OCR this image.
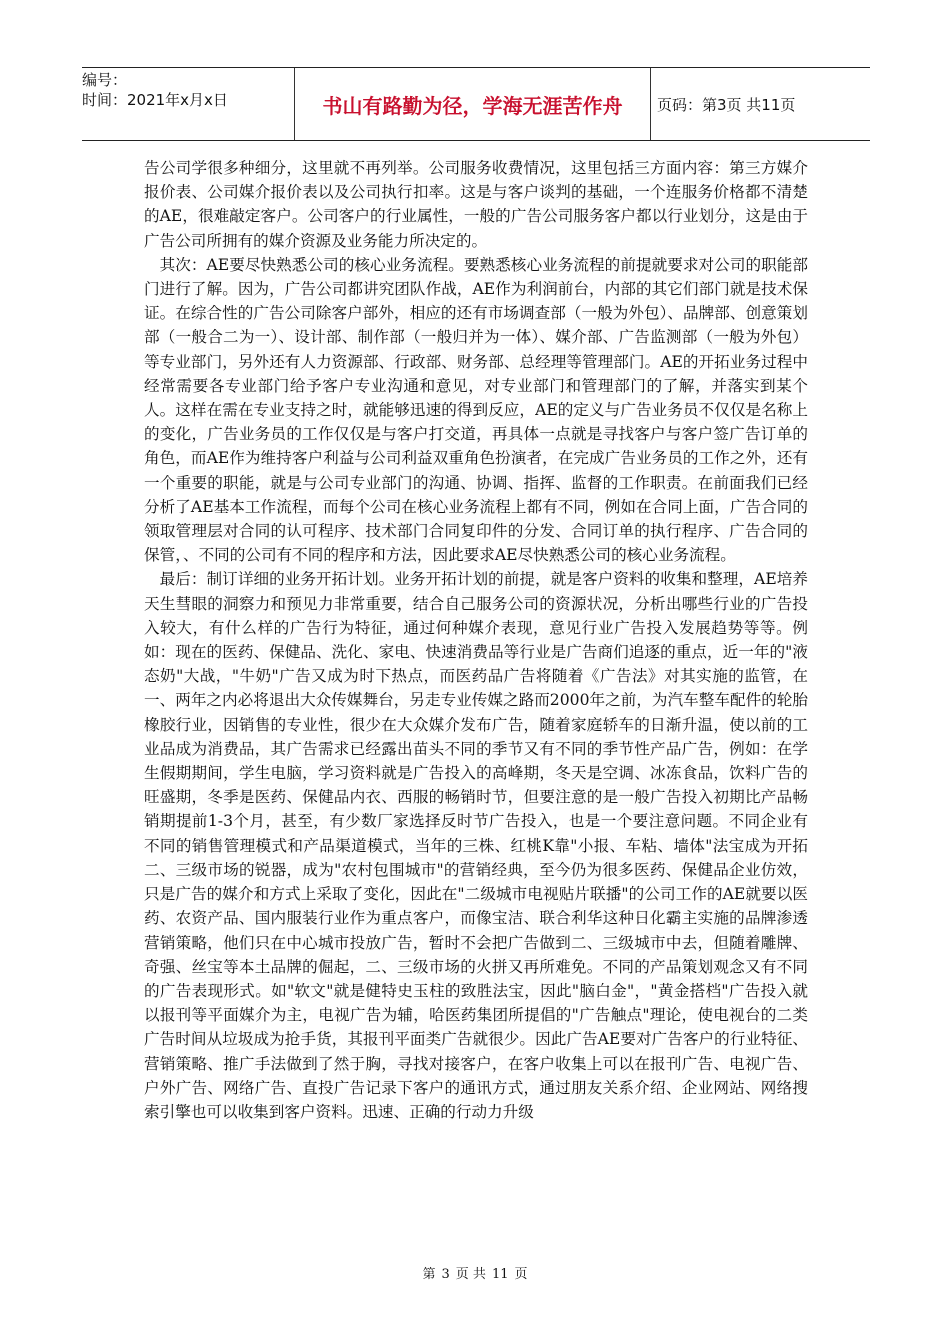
编号：
时间：2021年x月x日	书山有路勤为径，学海无涯苦作舟	页码：第3页 共11页

告公司学很多种细分，这里就不再列举。公司服务收费情况，这里包括三方面内容：第三方媒介报价表、公司媒介报价表以及公司执行扣率。这是与客户谈判的基础，一个连服务价格都不清楚的AE，很难敲定客户。公司客户的行业属性，一般的广告公司服务客户都以行业划分，这是由于广告公司所拥有的媒介资源及业务能力所决定的。

其次：AE要尽快熟悉公司的核心业务流程。要熟悉核心业务流程的前提就要求对公司的职能部门进行了解。因为，广告公司都讲究团队作战，AE作为利润前台，内部的其它们部门就是技术保证。在综合性的广告公司除客户部外，相应的还有市场调查部（一般为外包）、品牌部、创意策划部（一般合二为一）、设计部、制作部（一般归并为一体）、媒介部、广告监测部（一般为外包）等专业部门，另外还有人力资源部、行政部、财务部、总经理等管理部门。AE的开拓业务过程中经常需要各专业部门给予客户专业沟通和意见，对专业部门和管理部门的了解，并落实到某个人。这样在需在专业支持之时，就能够迅速的得到反应，AE的定义与广告业务员不仅仅是名称上的变化，广告业务员的工作仅仅是与客户打交道，再具体一点就是寻找客户与客户签广告订单的角色，而AE作为维持客户利益与公司利益双重角色扮演者，在完成广告业务员的工作之外，还有一个重要的职能，就是与公司专业部门的沟通、协调、指挥、监督的工作职责。在前面我们已经分析了AE基本工作流程，而每个公司在核心业务流程上都有不同，例如在合同上面，广告合同的领取管理层对合同的认可程序、技术部门合同复印件的分发、合同订单的执行程序、广告合同的保管，、不同的公司有不同的程序和方法，因此要求AE尽快熟悉公司的核心业务流程。

最后：制订详细的业务开拓计划。业务开拓计划的前提，就是客户资料的收集和整理，AE培养天生彗眼的洞察力和预见力非常重要，结合自己服务公司的资源状况，分析出哪些行业的广告投入较大，有什么样的广告行为特征，通过何种媒介表现，意见行业广告投入发展趋势等等。例如：现在的医药、保健品、洗化、家电、快速消费品等行业是广告商们追逐的重点，近一年的"液态奶"大战，"牛奶"广告又成为时下热点，而医药品广告将随着《广告法》对其实施的监管，在一、两年之内必将退出大众传媒舞台，另走专业传媒之路而2000年之前，为汽车整车配件的轮胎橡胶行业，因销售的专业性，很少在大众媒介发布广告，随着家庭轿车的日渐升温，使以前的工业品成为消费品，其广告需求已经露出苗头不同的季节又有不同的季节性产品广告，例如：在学生假期期间，学生电脑，学习资料就是广告投入的高峰期，冬天是空调、冰冻食品，饮料广告的旺盛期，冬季是医药、保健品内衣、西服的畅销时节，但要注意的是一般广告投入初期比产品畅销期提前1-3个月，甚至，有少数厂家选择反时节广告投入，也是一个要注意问题。不同企业有不同的销售管理模式和产品渠道模式，当年的三株、红桃K靠"小报、车粘、墙体"法宝成为开拓二、三级市场的锐器，成为"农村包围城市"的营销经典，至今仍为很多医药、保健品企业仿效，只是广告的媒介和方式上采取了变化，因此在"二级城市电视贴片联播"的公司工作的AE就要以医药、农资产品、国内服装行业作为重点客户，而像宝洁、联合利华这种日化霸主实施的品牌渗透营销策略，他们只在中心城市投放广告，暂时不会把广告做到二、三级城市中去，但随着雕牌、奇强、丝宝等本土品牌的倔起，二、三级市场的火拼又再所难免。不同的产品策划观念又有不同的广告表现形式。如"软文"就是健特史玉柱的致胜法宝，因此"脑白金"，"黄金搭档"广告投入就以报刊等平面媒介为主，电视广告为辅，哈医药集团所提倡的"广告触点"理论，使电视台的二类广告时间从垃圾成为抢手货，其报刊平面类广告就很少。因此广告AE要对广告客户的行业特征、营销策略、推广手法做到了然于胸，寻找对接客户，在客户收集上可以在报刊广告、电视广告、户外广告、网络广告、直投广告记录下客户的通讯方式，通过朋友关系介绍、企业网站、网络搜索引擎也可以收集到客户资料。迅速、正确的行动力升级

第 3 页 共 11 页
